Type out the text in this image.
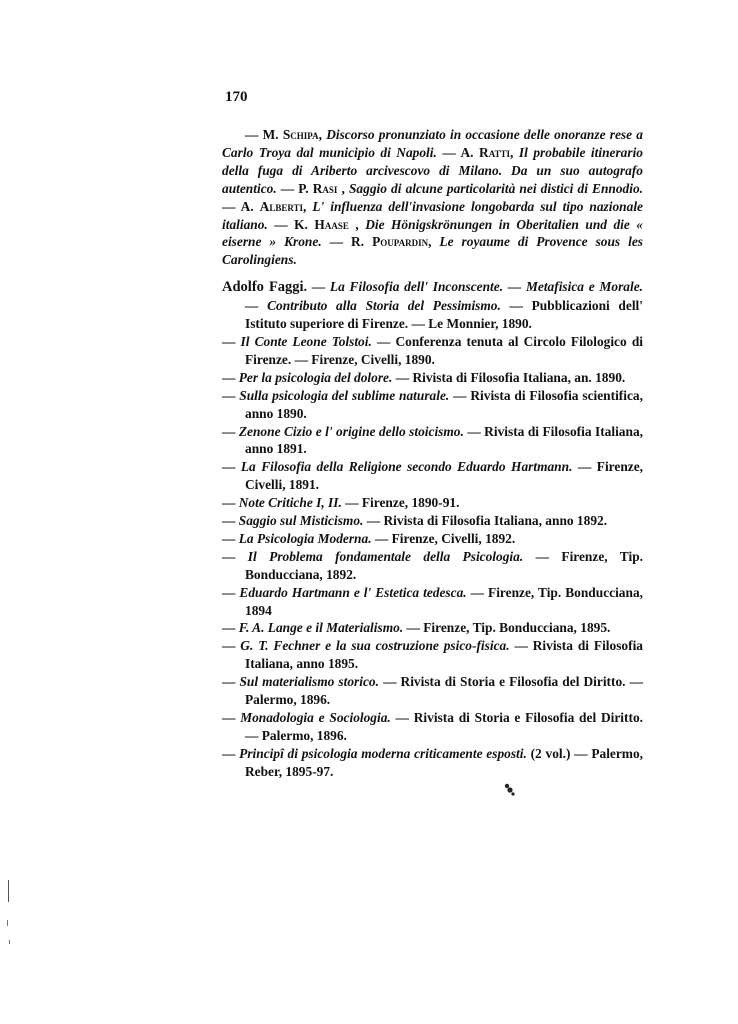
170

— M. Schipa, Discorso pronunziato in occasione delle onoranze rese a Carlo Troya dal municipio di Napoli. — A. Ratti, Il probabile itinerario della fuga di Ariberto arcivescovo di Milano. Da un suo autografo autentico. — P. Rasi , Saggio di alcune particolarità nei distici di Ennodio. — A. Alberti, L' influenza dell'invasione longobarda sul tipo nazionale italiano. — K. Haase , Die Hönigskrönungen in Oberitalien und die « eiserne » Krone. — R. Poupardin, Le royaume di Provence sous les Carolingiens.

Adolfo Faggi. — La Filosofia dell' Inconscente. — Metafisica e Morale. — Contributo alla Storia del Pessimismo. — Pubblicazioni dell' Istituto superiore di Firenze. — Le Monnier, 1890.

— Il Conte Leone Tolstoi. — Conferenza tenuta al Circolo Filologico di Firenze. — Firenze, Civelli, 1890.

— Per la psicologia del dolore. — Rivista di Filosofia Italiana, an. 1890.

— Sulla psicologia del sublime naturale. — Rivista di Filosofia scientifica, anno 1890.

— Zenone Cizio e l' origine dello stoicismo. — Rivista di Filosofia Italiana, anno 1891.

— La Filosofia della Religione secondo Eduardo Hartmann. — Firenze, Civelli, 1891.

— Note Critiche I, II. — Firenze, 1890-91.

— Saggio sul Misticismo. — Rivista di Filosofia Italiana, anno 1892.

— La Psicologia Moderna. — Firenze, Civelli, 1892.

— Il Problema fondamentale della Psicologia. — Firenze, Tip. Bonducciana, 1892.

— Eduardo Hartmann e l' Estetica tedesca. — Firenze, Tip. Bonducciana, 1894

— F. A. Lange e il Materialismo. — Firenze, Tip. Bonducciana, 1895.

— G. T. Fechner e la sua costruzione psico-fisica. — Rivista di Filosofia Italiana, anno 1895.

— Sul materialismo storico. — Rivista di Storia e Filosofia del Diritto. — Palermo, 1896.

— Monadologia e Sociologia. — Rivista di Storia e Filosofia del Diritto. — Palermo, 1896.

— Principî di psicologia moderna criticamente esposti. (2 vol.) — Palermo, Reber, 1895-97.
